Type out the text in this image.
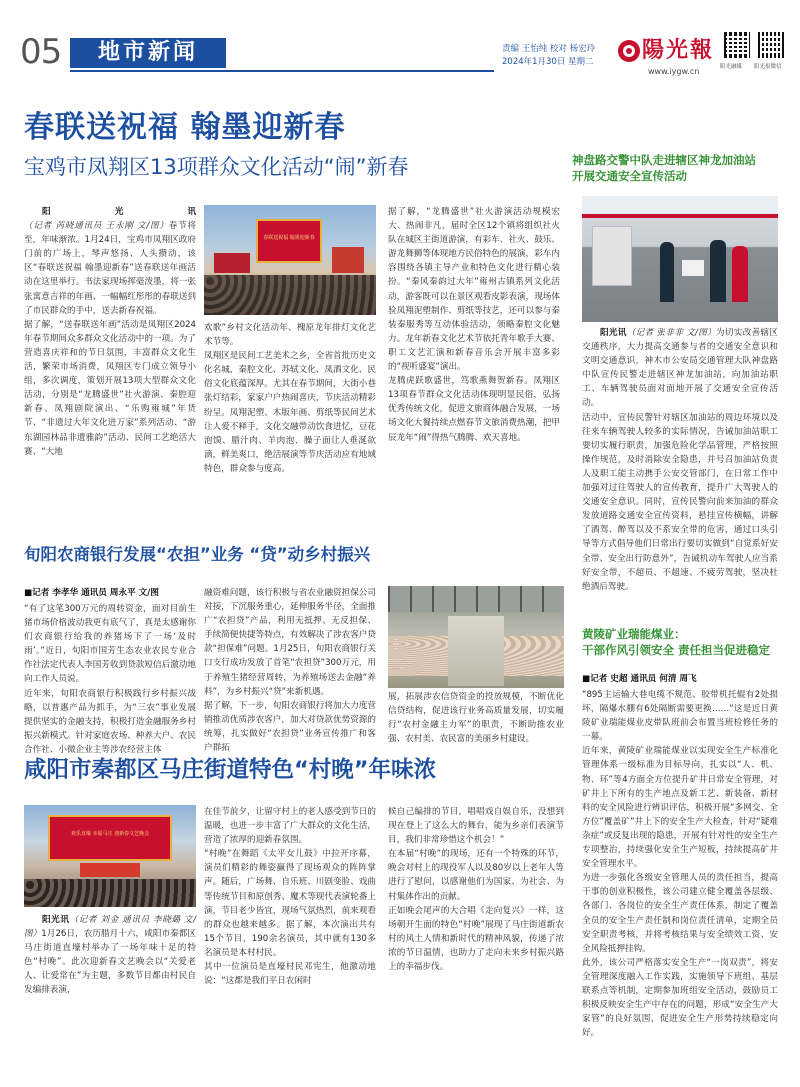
05	地市新闻	责编 王怡纯 校对 杨宏玲
2024年1月30日 星期二 陽光報
www.iygw.cn	阳光融媒 阳光报微信
春联送祝福 翰墨迎新春
宝鸡市凤翔区13项群众文化活动“闹”新春
阳光讯（记者 芮晓通讯员 王永刚 文/图）春节将至，年味渐浓。1月24日，宝鸡市凤翔区政府门前的广场上，琴声悠扬、人头攒动，该区“春联送祝福 翰墨迎新春”送春联送年画活动在这里举行。书法家现场挥毫泼墨，将一张张寓意吉祥的年画、一幅幅红彤彤的春联送到了市民群众的手中，送去新春祝福。
据了解，“送春联送年画”活动是凤翔区2024年春节期间众多群众文化活动中的一项。为了营造喜庆祥和的节日氛围，丰富群众文化生活，繁荣市场消费，凤翔区专门成立领导小组，多次调度，策划开展13项大型群众文化活动，分别是“龙腾盛世”社火游演、秦腔迎新春、凤翔剧院演出、“乐购雍城”年货节、“非遗过大年文化进万家”系列活动、“游东湖园林品非遗雅韵”活动、民间工艺绝活大赛、“大地
春联送祝福 翰墨迎新春
欢歌”乡村文化活动年、槐原龙年排灯文化艺术节等。
凤翔区是民间工艺美术之乡，全省首批历史文化名城，秦腔文化、苏轼文化、凤酒文化、民俗文化底蕴深厚。尤其在春节期间，大街小巷张灯结彩，家家户户热闹喜庆，节庆活动精彩纷呈。凤翔泥塑、木版年画、剪纸等民间艺术让人爱不释手，文化交融带动饮食进忆，豆花泡馍、腊汁肉、羊肉泡、臊子面让人垂涎欲滴，鲜美爽口，绝活展演等节庆活动应有地域特色，群众参与度高。
据了解，“龙腾盛世”社火游演活动规模宏大、热闹非凡，届时全区12个镇将组织社火队在城区主街道游演，有彩车、社火、鼓乐、游龙舞狮等体现地方民俗特色的展演，彩车内容围绕各镇主导产业和特色文化进行精心装扮。“秦风秦韵过大年”雍州古镇系列文化活动，游客既可以在景区观看皮影表演，现场体验凤翔泥塑制作、剪纸等技艺，还可以参与秦装秦服秀等互动体验活动，领略秦腔文化魅力。龙年新春文化艺术节依托青年歌手大赛、职工文艺汇演和新春音乐会开展丰富多彩的“视听盛宴”演出。
龙腾虎跃歌盛世，笃歌燕舞贺新春。凤翔区13项春节群众文化活动体现明显民俗，弘扬优秀传统文化，促进文旅商体融合发展，一场场文化大餐持续点燃春节文旅消费热潮，把甲辰龙年“闹”得热气腾腾、欢天喜地。
神盘路交警中队走进辖区神龙加油站
开展交通安全宣传活动
阳光讯（记者 张非非 文/图）为切实改善辖区交通秩序，大力提高交通参与者的交通安全意识和文明交通意识，神木市公安局交通管理大队神盘路中队宣传民警走进辖区神龙加油站，向加油站职工、车辆驾驶员面对面地开展了交通安全宣传活动。
活动中，宣传民警针对辖区加油站的周边环境以及往来车辆驾驶人较多的实际情况，告诫加油站职工要切实履行职责，加强危险化学品管理，严格按照操作规范，及时消除安全隐患，并号召加油站负责人及职工能主动携手公安交管部门，在日常工作中加强对过往驾驶人的宣传教育，提升广大驾驶人的交通安全意识。同时，宣传民警向前来加油的群众发放道路交通安全宣传资料，悬挂宣传横幅，讲解了酒驾、醉驾以及不系安全带的危害，通过口头引导等方式倡导他们日常出行要切实做到“自觉系好安全带、安全出行防意外”，告诫机动车驾驶人应当系好安全带，不超员、不超速、不疲劳驾驶，坚决杜绝酒后驾驶。
黄陵矿业瑞能煤业：
干部作风引领安全 责任担当促进稳定
■记者 史超 通讯员 何清 周飞
“895主运输大巷电缆不规范、胶带机托辊有2处损坏，隔爆水棚有6处隔断需要更换……”这是近日黄陵矿业瑞能煤业皮带队班前会布置当班检修任务的一幕。
近年来，黄陵矿业瑞能煤业以实现安全生产标准化管理体系一级标准为目标导向，扎实以“人、机、物、环”等4方面全方位提升矿井日常安全管理，对矿井上下所有的生产地点及新工艺、新装备、新材料的安全风险进行辨识评估，积极开展“多网交、全方位”覆盖矿”井上下的安全生产大检查，针对“疑难杂症”或反复出现的隐患，开展有针对性的安全生产专项整治，持续强化安全生产短板，持续提高矿井安全管理水平。
为进一步强化各级安全管理人员的责任担当，提高干事的创业积极性，该公司建立健全覆盖各层级、各部门、各岗位的安全生产责任体系，制定了覆盖全员的安全生产责任制和岗位责任清单，定期全员安全职责考核，并将考核结果与安全绩效工资、安全风险抵押挂钩。
此外，该公司严格落实安全生产“一岗双责”，将安全管理深度融入工作实践，实施领导下班组、基层联系点等机制，定期参加班组安全活动，鼓励员工积极反映安全生产中存在的问题，形成“安全生产大家管”的良好氛围，促进安全生产形势持续稳定向好。
旬阳农商银行发展“农担”业务 “贷”动乡村振兴
■记者 李孝华 通讯员 周永平 文/图
“有了这笔300万元的周转资金，面对目前生猪市场价格波动我更有底气了，真是太感谢你们农商银行给我的养猪场下了一场‘及时雨’。”近日，旬阳市国芳生态农业农民专业合作社法定代表人李国芳收到贷款短信后激动地向工作人员说。
近年来，旬阳农商银行积极践行乡村振兴战略，以普惠产品为抓手，为“三农”事业发展提供坚实的金融支持，积极打造金融服务乡村振兴新模式。针对家庭农场、种养大户、农民合作社、小微企业主等涉农经营主体
融资难问题，该行积极与省农业融资担保公司对接，下沉服务重心，延伸服务半径，全面推广“农担贷”产品，利用无抵押、无反担保、手续简便快捷等特点，有效解决了涉农客户贷款“担保难”问题。1月25日，旬阳农商银行关口支行成功发放了首笔“农担贷”300万元，用于养殖生猪经营周转，为养殖场送去金融“养料”，为乡村振兴“贷”来新机遇。
据了解，下一步，旬阳农商银行将加大力度营销推动优质涉农客户，加大对贷款优势资源的统筹，扎实做好“农担贷”业务宣传推广和客户群拓
展，拓展涉农信贷资金的投放规模，不断优化信贷结构，促进该行业务高质量发展，切实履行“农村金融主力军”的职责，不断助推农业强、农村美、农民富的美丽乡村建设。
咸阳市秦都区马庄街道特色“村晚”年味浓
欢乐直壕 幸福马庄 迎新春文艺晚会
阳光讯（记者 刘金 通讯员 李晓璐 文/图）1月26日，农历腊月十六，咸阳市秦都区马庄街道直壕村举办了一场年味十足的特色“村晚”。此次迎新春文艺晚会以“关爱老人、让爱常在”为主题，多数节目都由村民自发编排表演，
在佳节前夕，让留守村上的老人感受到节日的温暖，也进一步丰富了广大群众的文化生活，营造了浓厚的迎新春氛围。
“村晚”在舞蹈《太平女儿鼓》中拉开序幕，演员们精彩的舞姿赢得了现场观众的阵阵掌声。随后，广场舞、自乐班、川剧变脸、戏曲等传统节目和原创秀、魔术等现代表演轮番上演，节目老少皆宜，现场气氛热烈，前来观看的群众也越来越多。据了解，本次演出共有15个节目，190余名演员，其中就有130多名演员是本村村民。
其中一位演员是直壕村民邓宪生，他激动地说：“这都是我们平日农闲时
候自己编排的节目，唱唱戏自娱自乐，没想到现在登上了这么大的舞台，能为乡亲们表演节目，我们非常珍惜这个机会！”
在本届“村晚”的现场，还有一个特殊的环节，晚会对村上的现役军人以及80岁以上老年人等进行了慰问，以感谢他们为国家、为社会、为村集体作出的贡献。
正如晚会尾声的大合唱《走向复兴》一样，这场朝开生面的特色“村晚”展现了马庄街道新农村的风土人情和新时代的精神风貌，传递了浓浓的节日温情，也助力了走向未来乡村振兴路上的幸福步伐。
